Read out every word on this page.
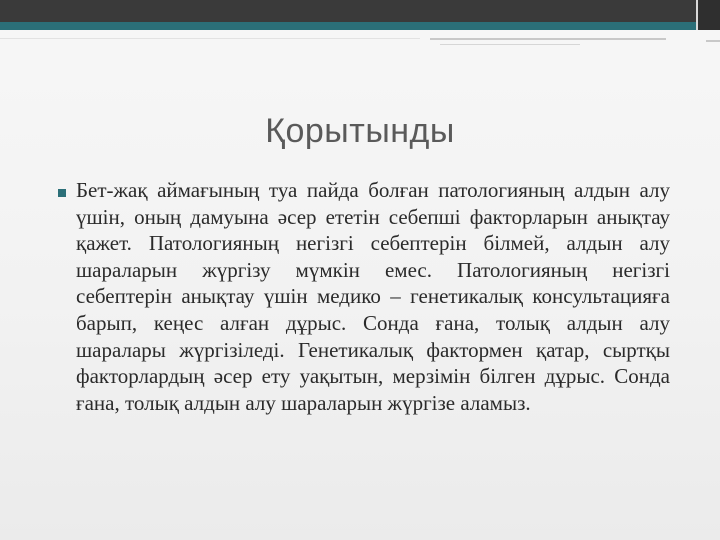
Қорытынды

Бет-жақ аймағының туа пайда болған патологияның алдын алу үшін, оның дамуына әсер ететін себепші факторларын анықтау қажет. Патологияның негізгі себептерін білмей, алдын алу шараларын жүргізу мүмкін емес. Патологияның негізгі себептерін анықтау үшін медико – генетикалық консультацияға барып, кеңес алған дұрыс. Сонда ғана, толық алдын алу шаралары жүргізіледі. Генетикалық фактормен қатар, сыртқы факторлардың әсер ету уақытын, мерзімін білген дұрыс. Сонда ғана, толық алдын алу шараларын жүргізе аламыз.
